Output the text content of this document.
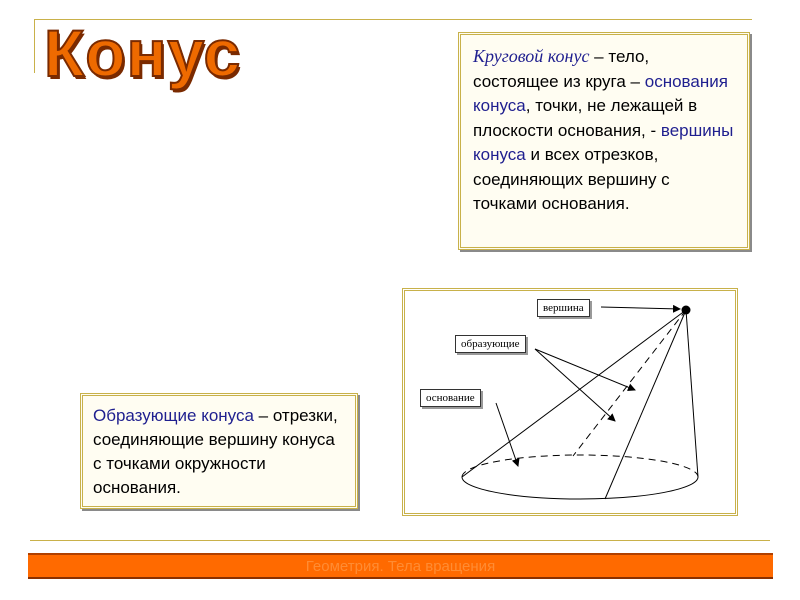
Конус	Круговой конус – тело, состоящее из круга – основания конуса, точки, не лежащей в плоскости основания, - вершины конуса и всех отрезков, соединяющих вершину с точками основания.
Образующие конуса – отрезки, соединяющие вершину конуса с точками окружности основания.
вершина
образующие
основание
Геометрия. Тела вращения
